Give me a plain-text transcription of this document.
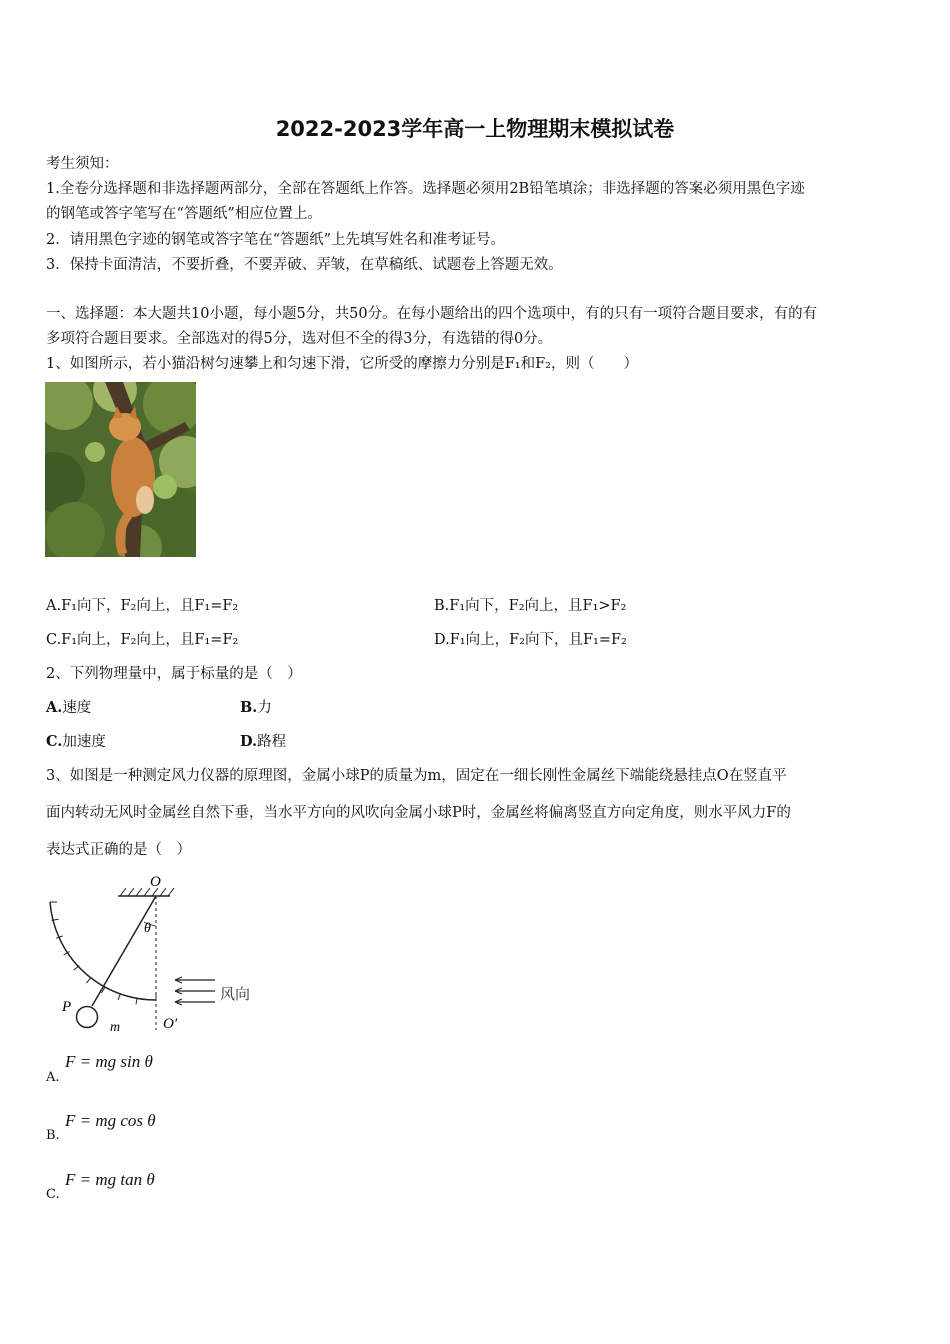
2022-2023学年高一上物理期末模拟试卷
考生须知：
1.全卷分选择题和非选择题两部分，全部在答题纸上作答。选择题必须用2B铅笔填涂；非选择题的答案必须用黑色字迹
的钢笔或答字笔写在“答题纸”相应位置上。
2．请用黑色字迹的钢笔或答字笔在“答题纸”上先填写姓名和准考证号。
3．保持卡面清洁，不要折叠，不要弄破、弄皱，在草稿纸、试题卷上答题无效。
一、选择题：本大题共10小题，每小题5分，共50分。在每小题给出的四个选项中，有的只有一项符合题目要求，有的有
多项符合题目要求。全部选对的得5分，选对但不全的得3分，有选错的得0分。
1、如图所示，若小猫沿树匀速攀上和匀速下滑，它所受的摩擦力分别是F₁和F₂，则（　　）
A.F₁向下，F₂向上，且F₁=F₂	B.F₁向下，F₂向上，且F₁>F₂
C.F₁向上，F₂向上，且F₁=F₂	D.F₁向上，F₂向下，且F₁=F₂
2、下列物理量中，属于标量的是（　）
A.速度	B.力
C.加速度	D.路程
3、如图是一种测定风力仪器的原理图，金属小球P的质量为m，固定在一细长刚性金属丝下端能绕悬挂点O在竖直平
面内转动无风时金属丝自然下垂，当水平方向的风吹向金属小球P时，金属丝将偏离竖直方向定角度，则水平风力F的
表达式正确的是（　）
O
θ
风向
P
m	O′
A.
F = mg sin θ
B.
F = mg cos θ
C.
F = mg tan θ
